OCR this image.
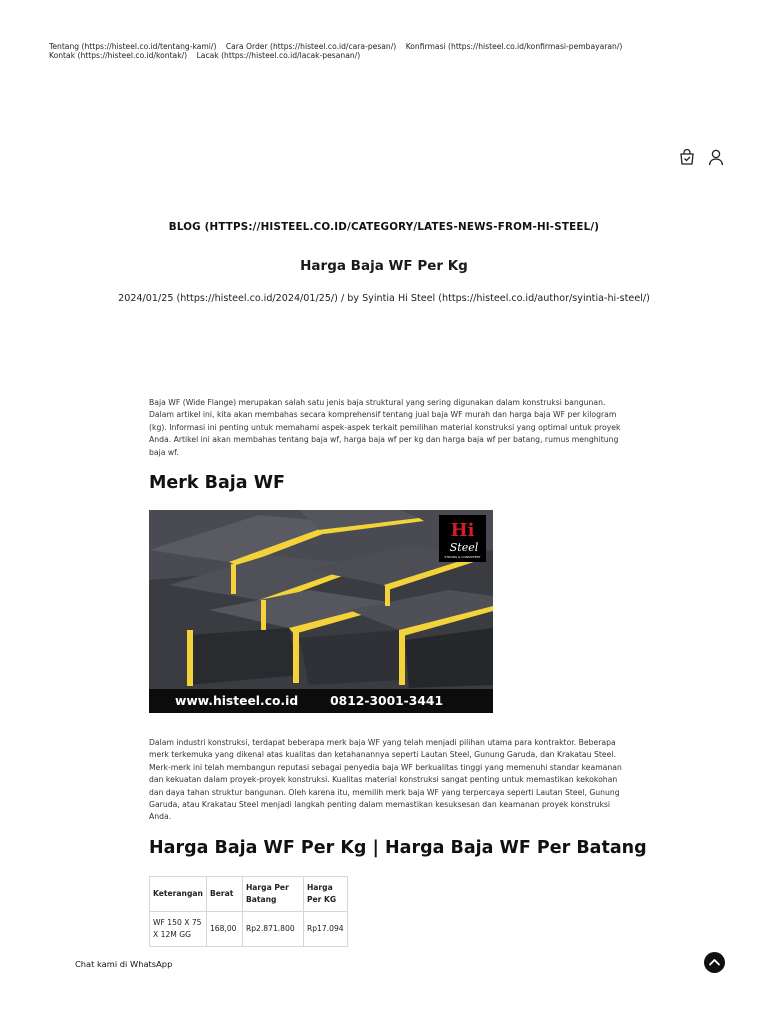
Tentang (https://histeel.co.id/tentang-kami/) Cara Order (https://histeel.co.id/cara-pesan/) Konfirmasi (https://histeel.co.id/konfirmasi-pembayaran/)
Kontak (https://histeel.co.id/kontak/) Lacak (https://histeel.co.id/lacak-pesanan/)
BLOG (HTTPS://HISTEEL.CO.ID/CATEGORY/LATES-NEWS-FROM-HI-STEEL/)
Harga Baja WF Per Kg
2024/01/25 (https://histeel.co.id/2024/01/25/) / by Syintia Hi Steel (https://histeel.co.id/author/syintia-hi-steel/)

Baja WF (Wide Flange) merupakan salah satu jenis baja struktural yang sering digunakan dalam konstruksi bangunan. Dalam artikel ini, kita akan membahas secara komprehensif tentang jual baja WF murah dan harga baja WF per kilogram (kg). Informasi ini penting untuk memahami aspek-aspek terkait pemilihan material konstruksi yang optimal untuk proyek Anda. Artikel ini akan membahas tentang baja wf, harga baja wf per kg dan harga baja wf per batang, rumus menghitung baja wf.

Merk Baja WF
Hi
Steel
STRONG & CONSISTENT
www.histeel.co.id	0812-3001-3441

Dalam industri konstruksi, terdapat beberapa merk baja WF yang telah menjadi pilihan utama para kontraktor. Beberapa merk terkemuka yang dikenal atas kualitas dan ketahanannya seperti Lautan Steel, Gunung Garuda, dan Krakatau Steel. Merk-merk ini telah membangun reputasi sebagai penyedia baja WF berkualitas tinggi yang memenuhi standar keamanan dan kekuatan dalam proyek-proyek konstruksi. Kualitas material konstruksi sangat penting untuk memastikan kekokohan dan daya tahan struktur bangunan. Oleh karena itu, memilih merk baja WF yang terpercaya seperti Lautan Steel, Gunung Garuda, atau Krakatau Steel menjadi langkah penting dalam memastikan kesuksesan dan keamanan proyek konstruksi Anda.

Harga Baja WF Per Kg | Harga Baja WF Per Batang
Keterangan	Berat	Harga Per Batang	Harga Per KG
WF 150 X 75 X 12M GG	168,00	Rp2.871.800	Rp17.094
Chat kami di WhatsApp
